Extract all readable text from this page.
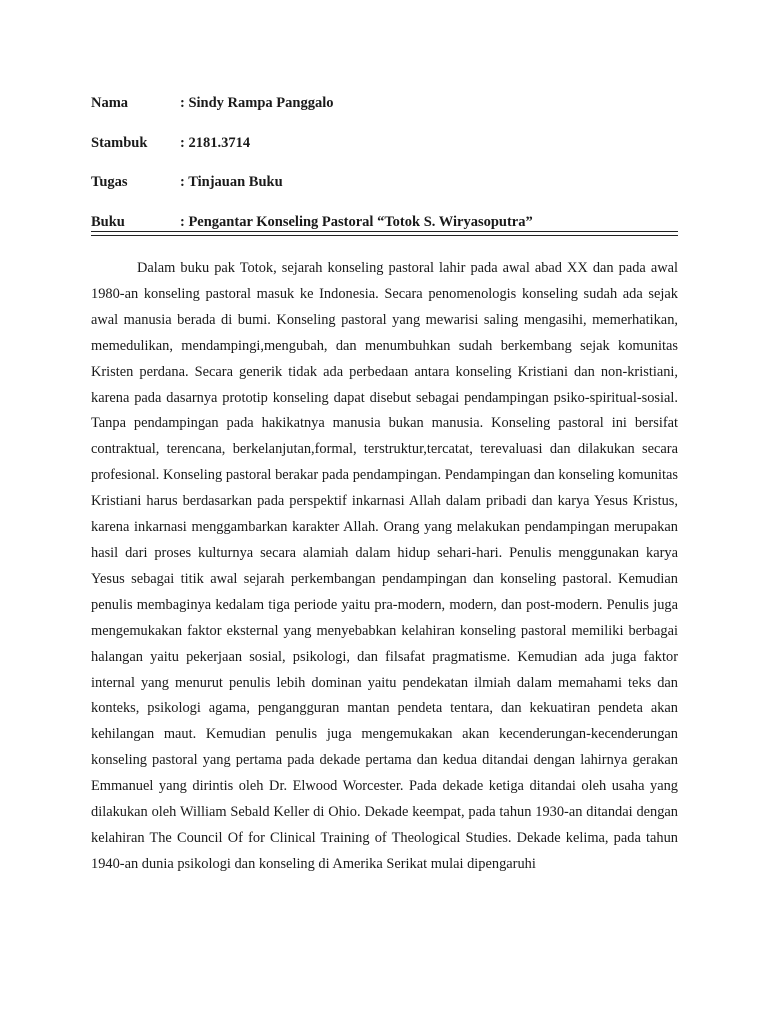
Nama	: Sindy Rampa Panggalo
Stambuk	: 2181.3714
Tugas	: Tinjauan Buku
Buku	: Pengantar Konseling Pastoral “Totok S. Wiryasoputra”

Dalam buku pak Totok, sejarah konseling pastoral lahir pada awal abad XX dan pada awal 1980-an konseling pastoral masuk ke Indonesia. Secara penomenologis konseling sudah ada sejak awal manusia berada di bumi. Konseling pastoral yang mewarisi saling mengasihi, memerhatikan, memedulikan, mendampingi,mengubah, dan menumbuhkan sudah berkembang sejak komunitas Kristen perdana. Secara generik tidak ada perbedaan antara konseling Kristiani dan non-kristiani, karena pada dasarnya prototip konseling dapat disebut sebagai pendampingan psiko-spiritual-sosial. Tanpa pendampingan pada hakikatnya manusia bukan manusia. Konseling pastoral ini bersifat contraktual, terencana, berkelanjutan,formal, terstruktur,tercatat, terevaluasi dan dilakukan secara profesional. Konseling pastoral berakar pada pendampingan. Pendampingan dan konseling komunitas Kristiani harus berdasarkan pada perspektif inkarnasi Allah dalam pribadi dan karya Yesus Kristus, karena inkarnasi menggambarkan karakter Allah. Orang yang melakukan pendampingan merupakan hasil dari proses kulturnya secara alamiah dalam hidup sehari-hari. Penulis menggunakan karya Yesus sebagai titik awal sejarah perkembangan pendampingan dan konseling pastoral. Kemudian penulis membaginya kedalam tiga periode yaitu pra-modern, modern, dan post-modern. Penulis juga mengemukakan faktor eksternal yang menyebabkan kelahiran konseling pastoral memiliki berbagai halangan yaitu pekerjaan sosial, psikologi, dan filsafat pragmatisme. Kemudian ada juga faktor internal yang menurut penulis lebih dominan yaitu pendekatan ilmiah dalam memahami teks dan konteks, psikologi agama, pengangguran mantan pendeta tentara, dan kekuatiran pendeta akan kehilangan maut. Kemudian penulis juga mengemukakan akan kecenderungan-kecenderungan konseling pastoral yang pertama pada dekade pertama dan kedua ditandai dengan lahirnya gerakan Emmanuel yang dirintis oleh Dr. Elwood Worcester. Pada dekade ketiga ditandai oleh usaha yang dilakukan oleh William Sebald Keller di Ohio. Dekade keempat, pada tahun 1930-an ditandai dengan kelahiran The Council Of for Clinical Training of Theological Studies. Dekade kelima, pada tahun 1940-an dunia psikologi dan konseling di Amerika Serikat mulai dipengaruhi
